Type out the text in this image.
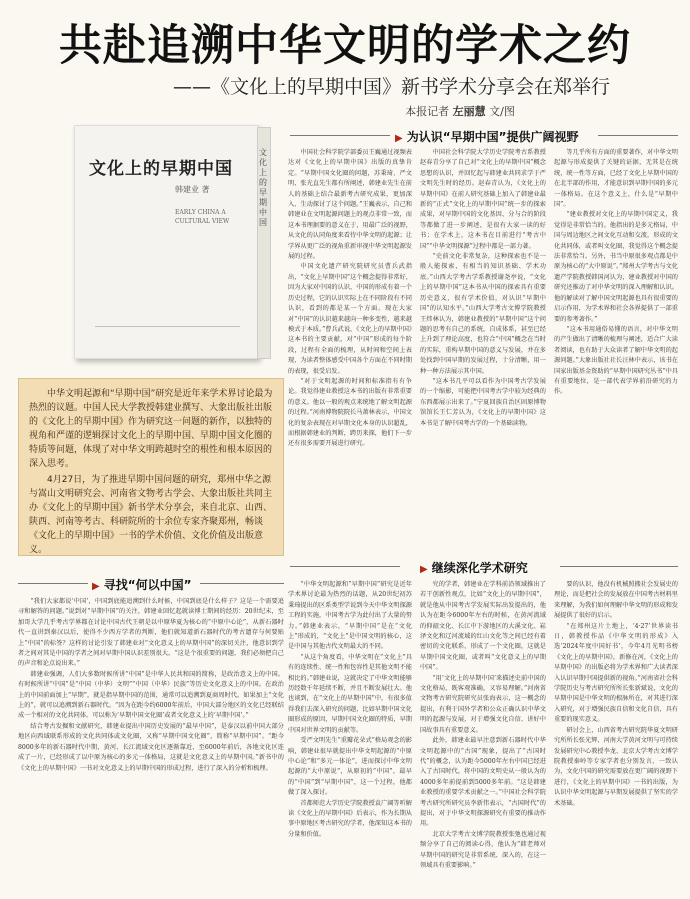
共赴追溯中华文明的学术之约
——《文化上的早期中国》新书学术分享会在郑举行
本报记者 左丽慧 文/图
文化上的早期中国
韩建业 著
EARLY CHINA A CULTURAL VIEW
文化上的早期中国

中华文明起源和“早期中国”研究是近年来学术界讨论最为热烈的议题。中国人民大学教授韩建业撰写、大象出版社出版的《文化上的早期中国》作为研究这一问题的新作，以独特的视角和严谨的逻辑探讨文化上的早期中国、早期中国文化圈的特质等问题，体现了对中华文明跨越时空的根性和根本原因的深入思考。

4月27日，为了推进早期中国问题的研究，郑州中华之源与嵩山文明研究会、河南省文物考古学会、大象出版社共同主办《文化上的早期中国》新书学术分享会，来自北京、山西、陕西、河南等考古、科研院所的十余位专家齐聚郑州，畅谈《文化上的早期中国》一书的学术价值、文化价值及出版意义。

▶ 为认识“早期中国”提供广阔视野

中国社会科学院学部委员王巍通过视频表达对《文化上的早期中国》出版的真挚肯定。“早期中国文化圈的问题，苏秉琦、严文明、张光直先生都有所阐述，韩建业先生在前人的基础上结合最新考古研究成果，更加深入、生动探讨了这个问题。”王巍表示，自己和韩建业在文明起源问题上的观点非常一致，而这本书理据要的意义在于，用最广泛的视野，从文化的认同角度来看待中华文明的起源；让学界从更广泛的视角重新审视中华文明起源发展的过程。

中国文化遗产研究院研究员曹兵武指出，“文化上早期中国”这个概念提得非常好，因为大家对中国的认识，中国的形成有着一个历史过程，它的认识实际上在不同阶段有不同认识，看到的都是某一个方面。现在大家对“中国”的认识越来越向一种多变性，越来越模式于本质。”曹兵武说，《文化上的早期中国》这本书的主要贡献，对“中国”形成的每个阶段，过程有全面的梳理，从时间和空间上表现，为读者整体感受中国各个方面在不同时期的表现，很受启发。

“对于文明起源的时间和标准指有有争论。我觉得建业教授这本书的出版有非常重要的意义。他以一般的观点来统地了解文明起源的过程。”河南博物院院长马萧林表示，中国文化的复杂表现在对早期文化本身的认识超乱，而根据韩建业的判断，跨历来探，他们下一步还有很多需要开展进行研究。

中国社会科学院大学历史学院考古系教授赵春青分享了自己对“文化上的早期中国”概念思想的认识，并回忆起与韩建业共同求学于严文明先生时的经历。赵春青认为，《文化上的早期中国》在前人研究基础上加入了韩建业最新的“正式”文化上的早期中国”统一步的探索成果，对早期中国的文化基因、分与合的阶段等都做了进一步阐述，是很有大家一读的好书；在学术上，这本书在目前进行“考古中国”“中华文明探源”过程中都是一部力著。

“史前文化非常复杂，这种探索也不是一般人能探索，有相当的知识基础、学术功底。”山西大学考古学系教授谢尧亭说，“文化上的早期中国”这本书从中国的探索具有重要历史意义，很有学术价值，对认识“早期中国”的认知水平。”山西大学考古文博学院教授王炜林认为，韩建业教授的“早期中国”这个问题的思考有自己的系统，自成体系，甚至已经上升到了理论高度，也符合“中国”概念在当时的实际，重构早期中国的意义与发展，并在多处找到中国早期的发展过程，十分清晰，用一种一种方法展示其中国。

“这本书几平可以看作为中国考古学发展的一个缩影，可能把中国考古学中较为经典的东西都展示出来了。”宁夏回族自治区固原博物馆馆长王仁芳认为，《文化上的早期中国》这本书是了解中国考古学的一个基础读物。

等几乎所有方面的重要著作，对中华文明起源与形成提供了关键的证据，无其是在统统，统一性等方面，已经了文化上早期中国的在北半部的作用，才能意识到早期中国的多元一体格局。在这个意义上，什么是“早期中国”。

“建业教授对文化上的早期中国定义，我觉得是非常恰当的。他指出的是多元格局，中国与周边地区之间文化互动和交流，形成的文化共同体，或者叫文化圈，我觉得这个概念提法非常恰当。另外，书当中原很多观点都是中原为核心的“大中原说”。”郑州大学考古与文化遗产学院教授韩国河认为，建业教授对中国的研究还推动了对中华文明的深入理解和认识。他的解读对了解中国文明起源也具有很重要的启示作用，为学术界和社会各界提供了一部重要的参考著作。”

“这本书用通俗易懂的语言，对中华文明的产生做出了清晰的梳理与阐述，适合广大读者阅读，也有助于大众读者了解中华文明的起源问题。”大象出版社社长汪林中表示，该书在国家出版基金资助的“早期中国研究丛书”中具有重要地位，是一部代表学界前沿研究的力作。

▶ 继续深化学术研究
▶ 寻找“何以中国”

“我们大家都说‘中国’，中国到底能追溯到什么时候，中国到底是什么样子？这是一个需要追寻和解答的问题。”说到对“早期中国”的关注，韩建业回忆起就读博士期间的经历：20世纪末，至加哥大学几乎考古学界都在讨论中国古代王朝是以中原华夏为核心的“中原中心论”，从新石器时代一直讲到秦汉以后，使得不少西方学者的判断，他们就知道新石器时代的考古遗存与何要贴上“中国”的标签？这样的讨论引发了韩建业对“文化意义上的早期中国”的深切关注，他意识到学者之间对其是中国的学者之间对早期中国认识差别很大。“这是个很重要的问题，我们必须把自己的声音和论点说出来。”

韩建业强调，人们大多数时候所讲“中国”是中华人民共和国的简称，是政治意义上的中国。有时候所讲“中国”是“中国（中华）文明”“中国（中华）民族”等历史文化意义上的中国。在政治上的中国前面加上“早期”，就是指早期中国的范围，通常可以追溯到夏商周时代。如果加上“文化上的”，就可以追溯到新石器时代。“因为在距今约6000年前后，中国大部分地区的文化已经联结成一个相对的文化共同体，可以称为‘早期中国文化圈’或者文化意义上的‘早期中国’。”

结合考古发掘和文献研究，韩建业提出中国历史发展的“最早中国”，是泰汉以前中国大部分地区向西域联系形成的文化共同体或文化圈，又称“早期中国文化圈”，简称“早期中国”。“距今8000多年的新石器时代中期，黄河、长江流域文化区逐渐靠近，至6000年前后，各地文化区连成了一片，已经形成了以中原为核心的多元一体格局，这就是文化意义上的早期中国。”新书中的《文化上的早期中国》一书对文化意义上的早期中国的形成过程，进行了深入的分析和梳理。

“中华文明起源和“早期中国”研究是近年学术界讨论最为热烈的话题，从20世纪初苏秉琦提出的区系类型学说到今天中华文明探源工程的实施，中国考古学为此付出了大量的努力。”韩建业表示，“早期中国”是在“文化上”形成的，“文化上”是中国文明的核心，这是中国与其他古代文明最大的不同。

“从这个角度看，中华文明在“文化上”具有的连续性、统一性和包容性是其他文明不能相比的。”韩建业说，这就决定了中华文明能够历经数千年延续不断，并且不断发展壮大。他也谈到，在“文化上的早期中国”中，有很多值得我们去深入研究的问题，比如早期中国文化圈形成的原因，早期中国文化圈的特质，早期中国对世界文明的贡献等。

受严文明先生“重瓣花朵式”格局观念的影响，韩建业很早就提出中华文明起源的“中原中心论”和“多元一体论”，进而探讨中华文明起源的“大中原说”，从原初的“中国”，最早的“中国”到“早期中国”，这一个过程，他都做了深入探讨。

首都师范大学历史学院教授袁广阔等听解读《文化上的早期中国》后表示，作为长期从事中原地区考古研究的学者，他深知这本书的分量和价值。

究的学者，韩建业在学科前沿领域推出了若干创新性观点，比如“文化上的早期中国”，就是他从中国考古学发展实际出发提出的，他认为在距今6000年左右的时候，在黄河流域的仰韶文化、长江中下游地区的大溪文化、崧泽文化和辽河流域的红山文化等之间已经有着密切的文化联系，形成了一个文化圈，这就是早期中国文化圈，或者叫“文化意义上的早期中国”。

“用‘文化上的早期中国’来描述史前中国的文化格局，既客观准确，又容易理解。”河南省文物考古研究院研究员张海表示，这一概念的提出，有利于国外学者和公众正确认识中华文明的起源与发展，对于增强文化自信、讲好中国故事具有重要意义。

此外，韩建业最早注意到新石器时代中华文明起源中的“古国”现象，提出了“古国时代”的概念，认为距今5000年左右中国已经进入了古国时代，将中国的文明史从一般认为的4000多年前提前到5000多年前。“这是韩建业教授的重要学术贡献之一。”中国社会科学院考古研究所研究员李新伟表示，“古国时代”的提出，对于中华文明探源研究有重要的推动作用。

北京大学考古文博学院教授张弛也通过视频分享了自己的阅读心得，他认为“韩老师对早期中国的研究是非常系统、深入的，在这一领域具有重要影响。”

要的认识，他没有机械照搬社会发展史的理论，而是把社会的发展放在中国考古材料里来理解，为我们如何理解中华文明的形成和发展提供了很好的启示。

“在郑州这片土地上，‘4·27’世界读书日，韩教授作品《中华文明的形成》入选‘2024年度中国好书’，今年4月光明书榜《文化上的早期中国》，新修在河，《文化上的早期中国》的出版必将为学术界和广大读者深入认识早期中国提供新的视角。”河南省社会科学院历史与考古研究所所长张新斌说，文化的早期中国是中华文明的根脉所在，对其进行深入研究，对于增强民族自信和文化自信，具有重要的现实意义。

研讨会上，山西省考古研究院华夏文明研究所所长张光辉、河南大学黄河文明与可持续发展研究中心教授李龙、北京大学考古文博学院教授秦岭等专家学者也分别发言，一致认为，文化中国的研究需要放在更广阔的视野下进行，《文化上的早期中国》一书的出版，为认识中华文明起源与早期发展提供了坚实的学术基础。
